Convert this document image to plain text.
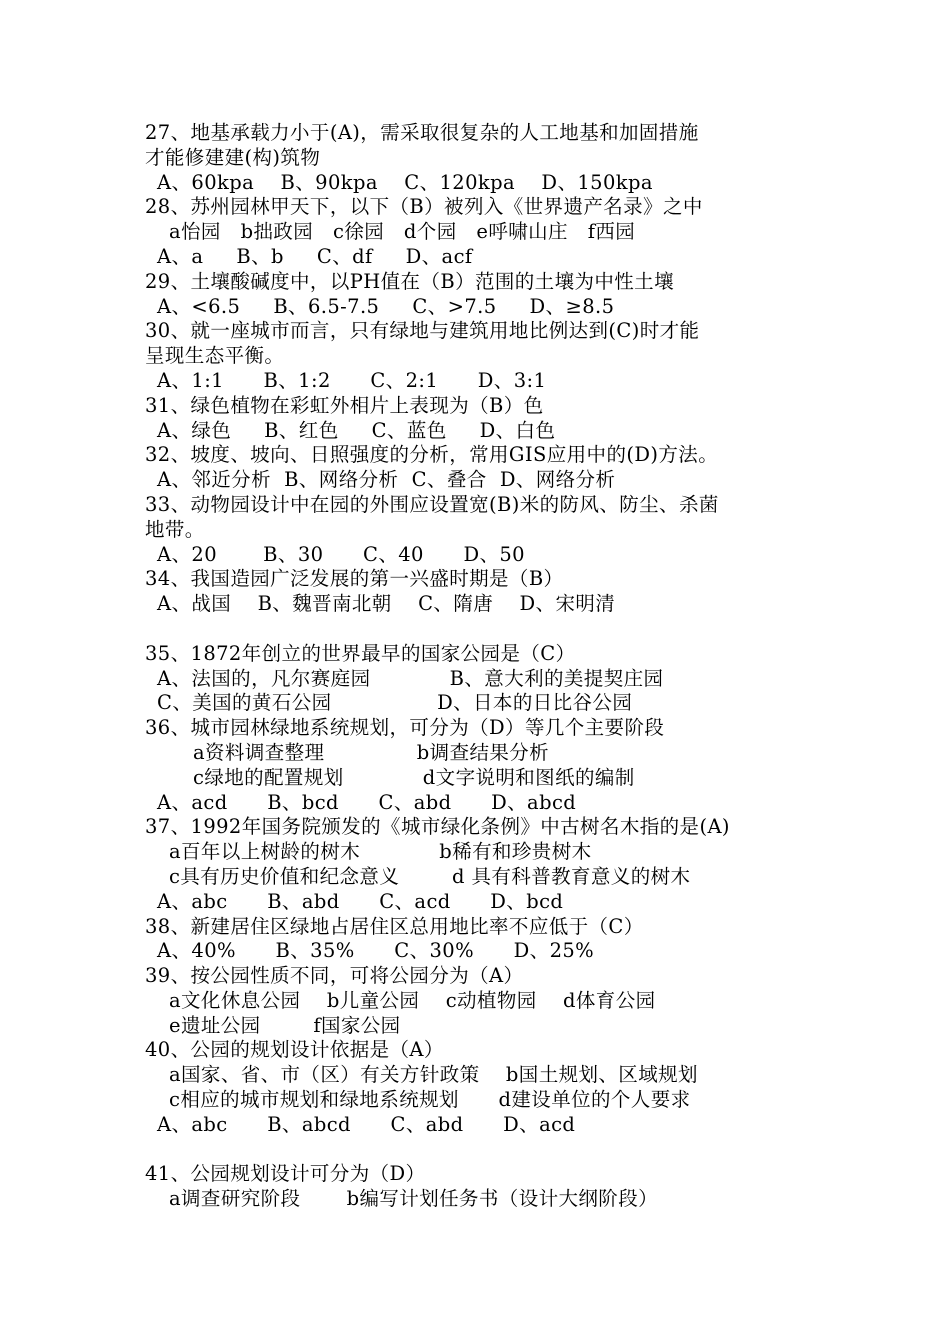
27、地基承载力小于(A)，需采取很复杂的人工地基和加固措施
才能修建建(构)筑物
A、60kpa    B、90kpa    C、120kpa    D、150kpa
28、苏州园林甲天下，以下（B）被列入《世界遗产名录》之中
a怡园   b拙政园   c徐园   d个园   e呼啸山庄   f西园
A、a     B、b     C、df     D、acf
29、土壤酸碱度中，以PH值在（B）范围的土壤为中性土壤
A、<6.5     B、6.5-7.5     C、>7.5     D、≥8.5
30、就一座城市而言，只有绿地与建筑用地比例达到(C)时才能
呈现生态平衡。
A、1:1      B、1:2      C、2:1      D、3:1
31、绿色植物在彩虹外相片上表现为（B）色
A、绿色     B、红色     C、蓝色     D、白色
32、坡度、坡向、日照强度的分析，常用GIS应用中的(D)方法。
A、邻近分析  B、网络分析  C、叠合  D、网络分析
33、动物园设计中在园的外围应设置宽(B)米的防风、防尘、杀菌
地带。
A、20       B、30      C、40      D、50
34、我国造园广泛发展的第一兴盛时期是（B）
A、战国    B、魏晋南北朝    C、隋唐    D、宋明清
35、1872年创立的世界最早的国家公园是（C）
A、法国的，凡尔赛庭园            B、意大利的美提契庄园
C、美国的黄石公园                D、日本的日比谷公园
36、城市园林绿地系统规划，可分为（D）等几个主要阶段
a资料调查整理              b调查结果分析
c绿地的配置规划            d文字说明和图纸的编制
A、acd      B、bcd      C、abd      D、abcd
37、1992年国务院颁发的《城市绿化条例》中古树名木指的是(A)
a百年以上树龄的树木            b稀有和珍贵树木
c具有历史价值和纪念意义        d 具有科普教育意义的树木
A、abc      B、abd      C、acd      D、bcd
38、新建居住区绿地占居住区总用地比率不应低于（C）
A、40%      B、35%      C、30%      D、25%
39、按公园性质不同，可将公园分为（A）
a文化休息公园    b儿童公园    c动植物园    d体育公园
e遗址公园        f国家公园
40、公园的规划设计依据是（A）
a国家、省、市（区）有关方针政策    b国土规划、区域规划
c相应的城市规划和绿地系统规划      d建设单位的个人要求
A、abc      B、abcd      C、abd      D、acd
41、公园规划设计可分为（D）
a调查研究阶段       b编写计划任务书（设计大纲阶段）
